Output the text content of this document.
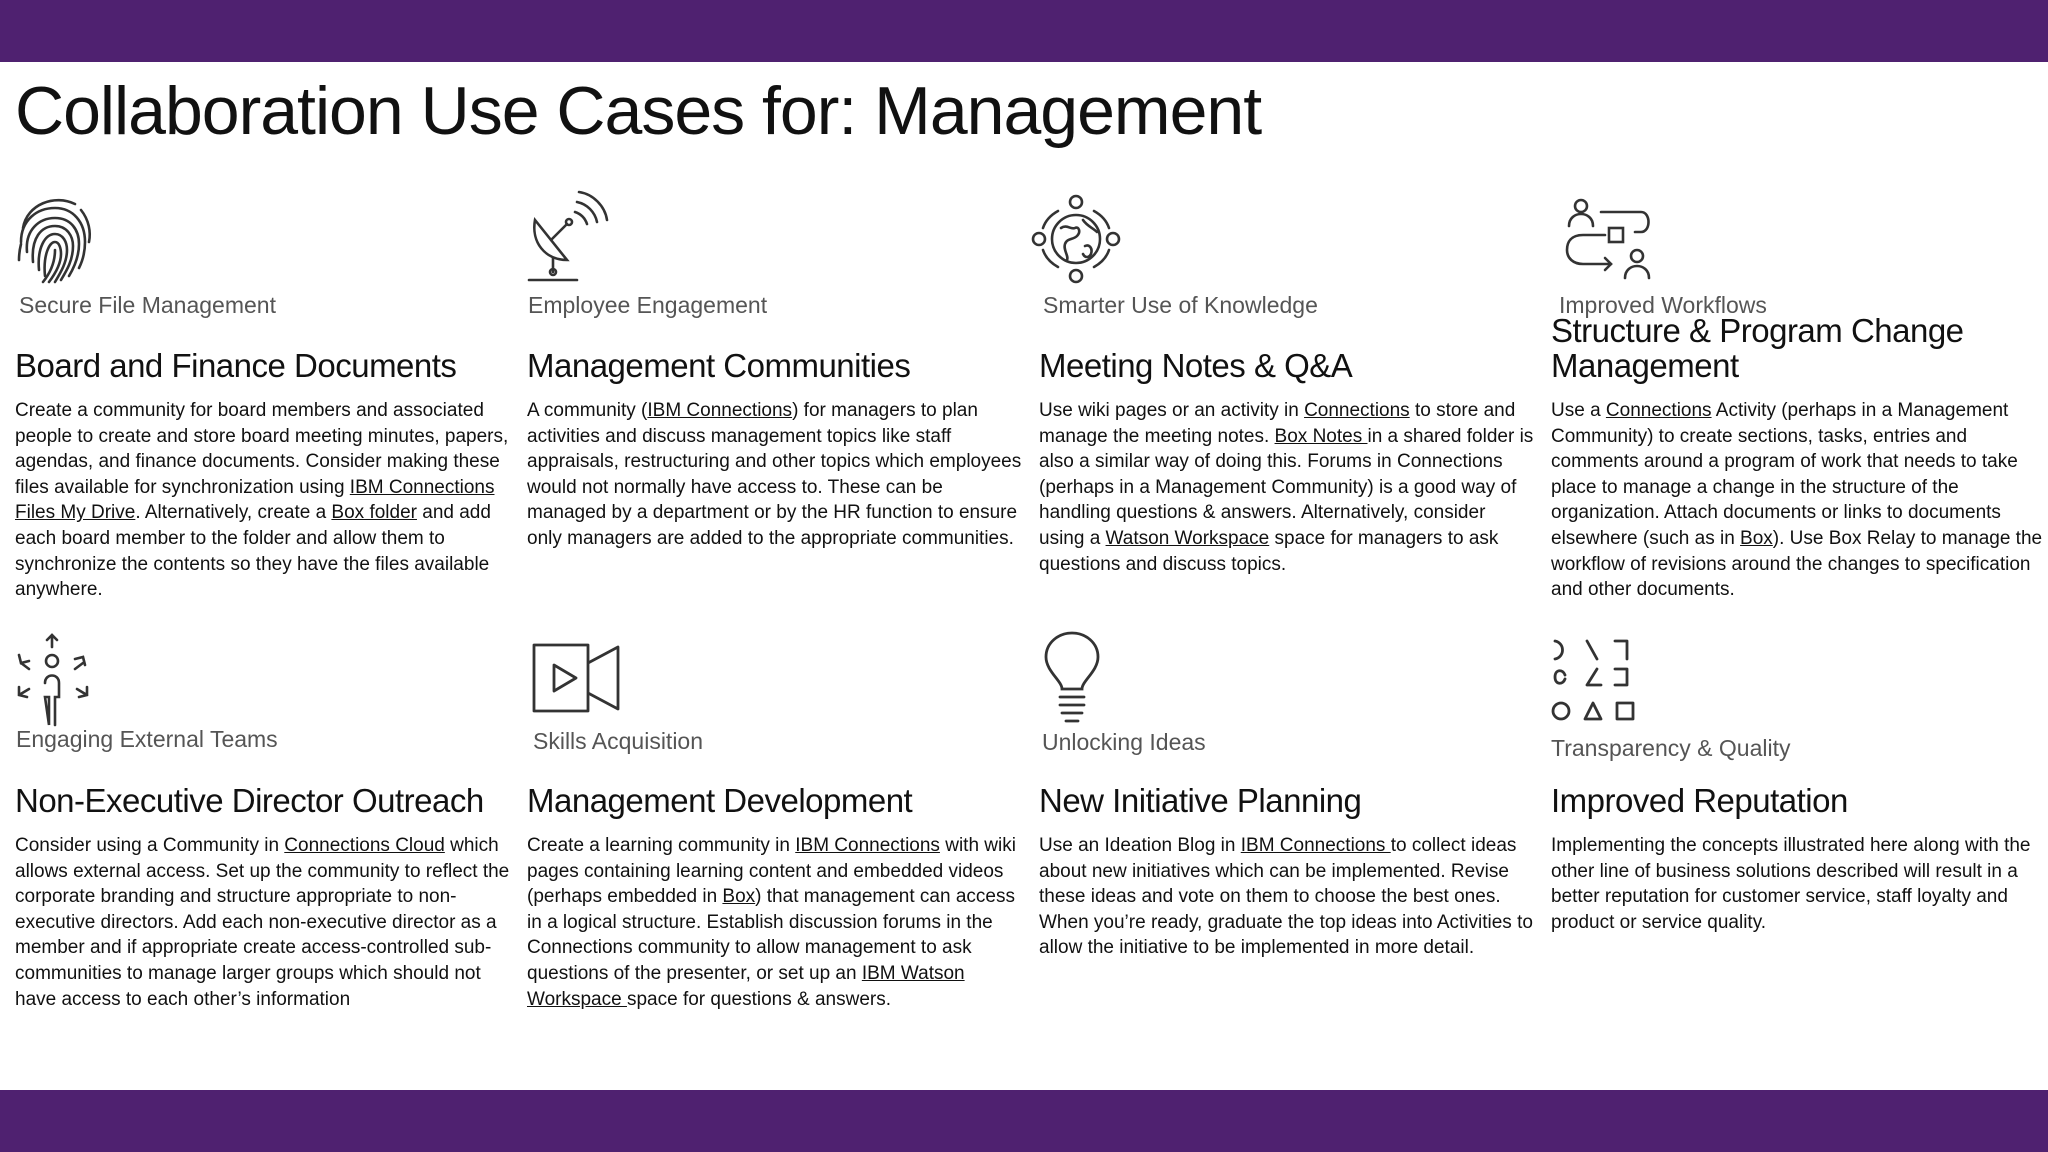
Collaboration Use Cases for: Management
Secure File Management
Board and Finance Documents

Create a community for board members and associated people to create and store board meeting minutes, papers, agendas, and finance documents. Consider making these files available for synchronization using IBM Connections Files My Drive. Alternatively, create a Box folder and add each board member to the folder and allow them to synchronize the contents so they have the files available anywhere.

Employee Engagement
Management Communities

A community (IBM Connections) for managers to plan activities and discuss management topics like staff appraisals, restructuring and other topics which employees would not normally have access to. These can be managed by a department or by the HR function to ensure only managers are added to the appropriate communities.

Smarter Use of Knowledge
Meeting Notes & Q&A

Use wiki pages or an activity in Connections to store and manage the meeting notes. Box Notes in a shared folder is also a similar way of doing this. Forums in Connections (perhaps in a Management Community) is a good way of handling questions & answers. Alternatively, consider using a Watson Workspace space for managers to ask questions and discuss topics.

Improved Workflows
Structure & Program Change Management

Use a Connections Activity (perhaps in a Management Community) to create sections, tasks, entries and comments around a program of work that needs to take place to manage a change in the structure of the organization. Attach documents or links to documents elsewhere (such as in Box). Use Box Relay to manage the workflow of revisions around the changes to specification and other documents.

Engaging External Teams
Non-Executive Director Outreach

Consider using a Community in Connections Cloud which allows external access. Set up the community to reflect the corporate branding and structure appropriate to non-executive directors. Add each non-executive director as a member and if appropriate create access-controlled sub-communities to manage larger groups which should not have access to each other’s information

Skills Acquisition
Management Development

Create a learning community in IBM Connections with wiki pages containing learning content and embedded videos (perhaps embedded in Box) that management can access in a logical structure. Establish discussion forums in the Connections community to allow management to ask questions of the presenter, or set up an IBM Watson Workspace space for questions & answers.

Unlocking Ideas
New Initiative Planning

Use an Ideation Blog in IBM Connections to collect ideas about new initiatives which can be implemented. Revise these ideas and vote on them to choose the best ones. When you’re ready, graduate the top ideas into Activities to allow the initiative to be implemented in more detail.

Transparency & Quality
Improved Reputation

Implementing the concepts illustrated here along with the other line of business solutions described will result in a better reputation for customer service, staff loyalty and product or service quality.
